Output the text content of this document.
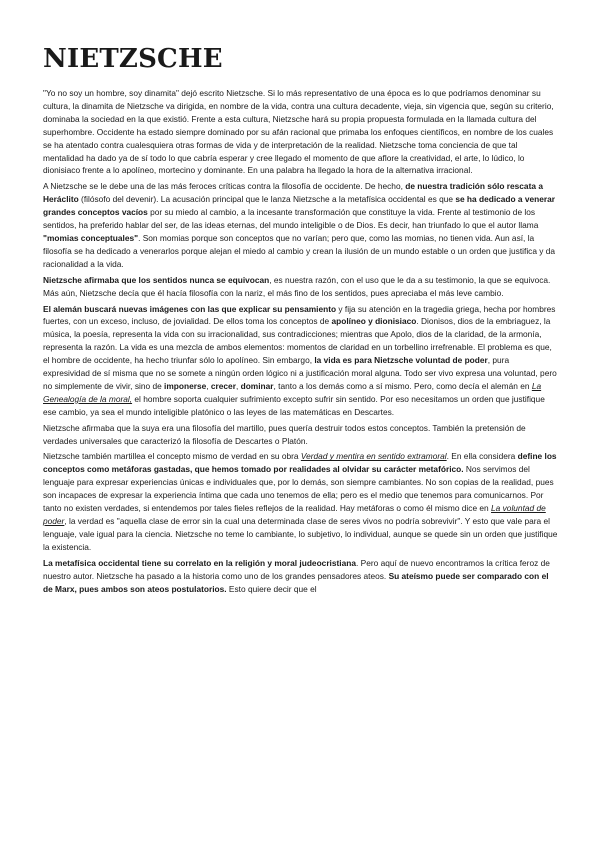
NIETZSCHE

"Yo no soy un hombre, soy dinamita" dejó escrito Nietzsche. Si lo más representativo de una época es lo que podríamos denominar su cultura, la dinamita de Nietzsche va dirigida, en nombre de la vida, contra una cultura decadente, vieja, sin vigencia que, según su criterio, dominaba la sociedad en la que existió. Frente a esta cultura, Nietzsche hará su propia propuesta formulada en la llamada cultura del superhombre. Occidente ha estado siempre dominado por su afán racional que primaba los enfoques científicos, en nombre de los cuales se ha atentado contra cualesquiera otras formas de vida y de interpretación de la realidad. Nietzsche toma conciencia de que tal mentalidad ha dado ya de sí todo lo que cabría esperar y cree llegado el momento de que aflore la creatividad, el arte, lo lúdico, lo dionisiaco frente a lo apolíneo, mortecino y dominante. En una palabra ha llegado la hora de la alternativa irracional.

A Nietzsche se le debe una de las más feroces críticas contra la filosofía de occidente. De hecho, de nuestra tradición sólo rescata a Heráclito (filósofo del devenir). La acusación principal que le lanza Nietzsche a la metafísica occidental es que se ha dedicado a venerar grandes conceptos vacíos por su miedo al cambio, a la incesante transformación que constituye la vida. Frente al testimonio de los sentidos, ha preferido hablar del ser, de las ideas eternas, del mundo inteligible o de Dios. Es decir, han triunfado lo que el autor llama "momias conceptuales". Son momias porque son conceptos que no varían; pero que, como las momias, no tienen vida. Aun así, la filosofía se ha dedicado a venerarlos porque alejan el miedo al cambio y crean la ilusión de un mundo estable o un orden que justifica y da racionalidad a la vida.

Nietzsche afirmaba que los sentidos nunca se equivocan, es nuestra razón, con el uso que le da a su testimonio, la que se equivoca. Más aún, Nietzsche decía que él hacía filosofía con la nariz, el más fino de los sentidos, pues apreciaba el más leve cambio.

El alemán buscará nuevas imágenes con las que explicar su pensamiento y fija su atención en la tragedia griega, hecha por hombres fuertes, con un exceso, incluso, de jovialidad. De ellos toma los conceptos de apolíneo y dionisiaco. Dionisos, dios de la embriaguez, la música, la poesía, representa la vida con su irracionalidad, sus contradicciones; mientras que Apolo, dios de la claridad, de la armonía, representa la razón. La vida es una mezcla de ambos elementos: momentos de claridad en un torbellino irrefrenable. El problema es que, el hombre de occidente, ha hecho triunfar sólo lo apolíneo. Sin embargo, la vida es para Nietzsche voluntad de poder, pura expresividad de sí misma que no se somete a ningún orden lógico ni a justificación moral alguna. Todo ser vivo expresa una voluntad, pero no simplemente de vivir, sino de imponerse, crecer, dominar, tanto a los demás como a sí mismo. Pero, como decía el alemán en La Genealogía de la moral, el hombre soporta cualquier sufrimiento excepto sufrir sin sentido. Por eso necesitamos un orden que justifique ese cambio, ya sea el mundo inteligible platónico o las leyes de las matemáticas en Descartes.

Nietzsche afirmaba que la suya era una filosofía del martillo, pues quería destruir todos estos conceptos. También la pretensión de verdades universales que caracterizó la filosofía de Descartes o Platón.

Nietzsche también martillea el concepto mismo de verdad en su obra Verdad y mentira en sentido extramoral. En ella considera define los conceptos como metáforas gastadas, que hemos tomado por realidades al olvidar su carácter metafórico. Nos servimos del lenguaje para expresar experiencias únicas e individuales que, por lo demás, son siempre cambiantes. No son copias de la realidad, pues son incapaces de expresar la experiencia íntima que cada uno tenemos de ella; pero es el medio que tenemos para comunicarnos. Por tanto no existen verdades, si entendemos por tales fieles reflejos de la realidad. Hay metáforas o como él mismo dice en La voluntad de poder, la verdad es "aquella clase de error sin la cual una determinada clase de seres vivos no podría sobrevivir". Y esto que vale para el lenguaje, vale igual para la ciencia. Nietzsche no teme lo cambiante, lo subjetivo, lo individual, aunque se quede sin un orden que justifique la existencia.

La metafísica occidental tiene su correlato en la religión y moral judeocristiana. Pero aquí de nuevo encontramos la crítica feroz de nuestro autor. Nietzsche ha pasado a la historia como uno de los grandes pensadores ateos. Su ateísmo puede ser comparado con el de Marx, pues ambos son ateos postulatorios. Esto quiere decir que el
